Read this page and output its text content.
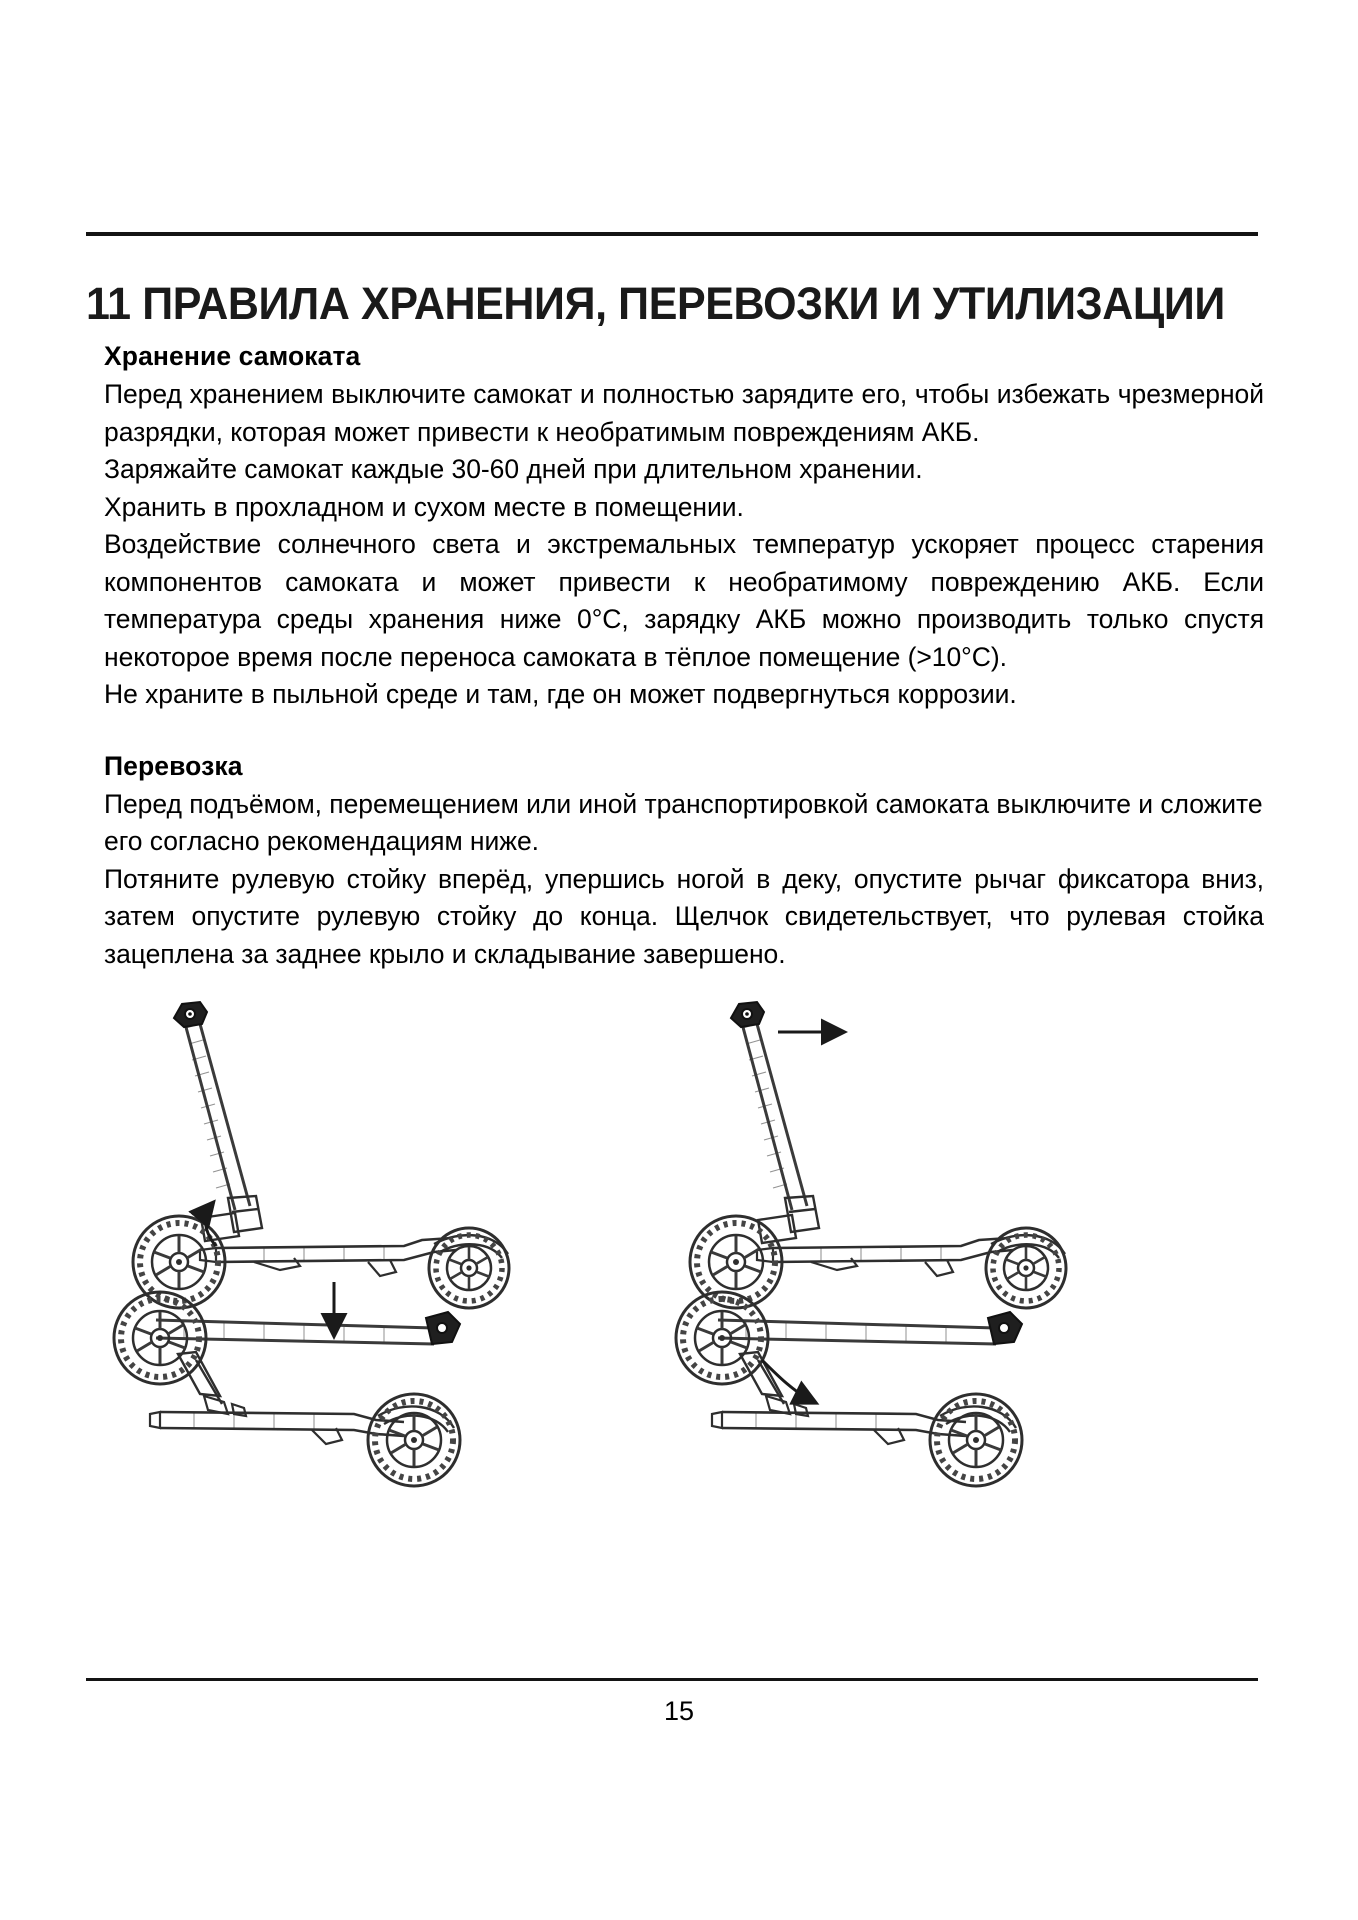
11 ПРАВИЛА ХРАНЕНИЯ, ПЕРЕВОЗКИ И УТИЛИЗАЦИИ
Хранение самоката

Перед хранением выключите самокат и полностью зарядите его, чтобы избежать чрезмерной разрядки, которая может привести к необратимым повреждениям АКБ.

Заряжайте самокат каждые 30-60 дней при длительном хранении.

Хранить в прохладном и сухом месте в помещении.

Воздействие солнечного света и экстремальных температур ускоряет процесс старения компонентов самоката и может привести к необратимому повреждению АКБ. Если температура среды хранения ниже 0°C, зарядку АКБ можно производить только спустя некоторое время после переноса самоката в тёплое помещение (>10°C).

Не храните в пыльной среде и там, где он может подвергнуться коррозии.

Перевозка

Перед подъёмом, перемещением или иной транспортировкой самоката выключите и сложите его согласно рекомендациям ниже.

Потяните рулевую стойку вперёд, упершись ногой в деку, опустите рычаг фиксатора вниз, затем опустите рулевую стойку до конца. Щелчок свидетельствует, что рулевая стойка зацеплена за заднее крыло и складывание завершено.

15
